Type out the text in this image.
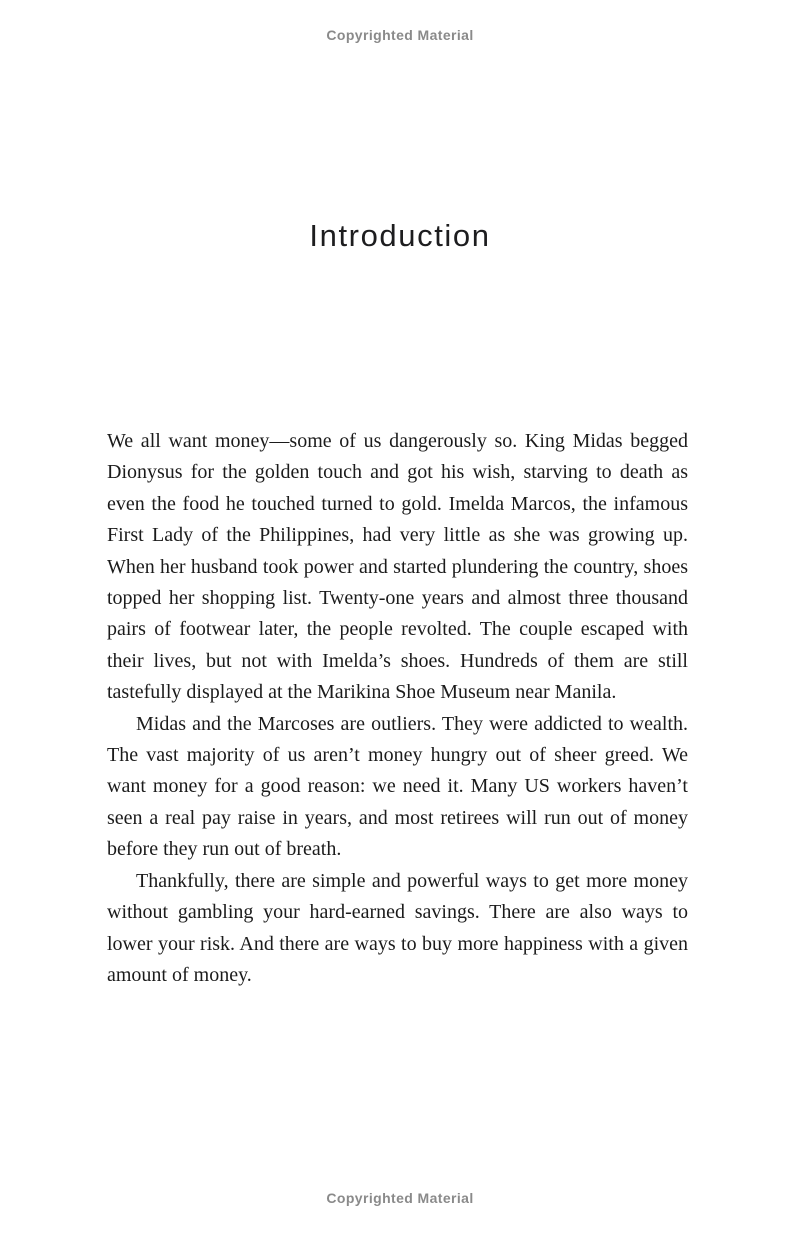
Copyrighted Material
Introduction

We all want money—some of us dangerously so. King Midas begged Dionysus for the golden touch and got his wish, starving to death as even the food he touched turned to gold. Imelda Marcos, the infamous First Lady of the Philippines, had very little as she was growing up. When her husband took power and started plundering the country, shoes topped her shopping list. Twenty-one years and almost three thousand pairs of footwear later, the people revolted. The couple escaped with their lives, but not with Imelda’s shoes. Hundreds of them are still tastefully displayed at the Marikina Shoe Museum near Manila.

Midas and the Marcoses are outliers. They were addicted to wealth. The vast majority of us aren’t money hungry out of sheer greed. We want money for a good reason: we need it. Many US workers haven’t seen a real pay raise in years, and most retirees will run out of money before they run out of breath.

Thankfully, there are simple and powerful ways to get more money without gambling your hard-earned savings. There are also ways to lower your risk. And there are ways to buy more happiness with a given amount of money.

Copyrighted Material
